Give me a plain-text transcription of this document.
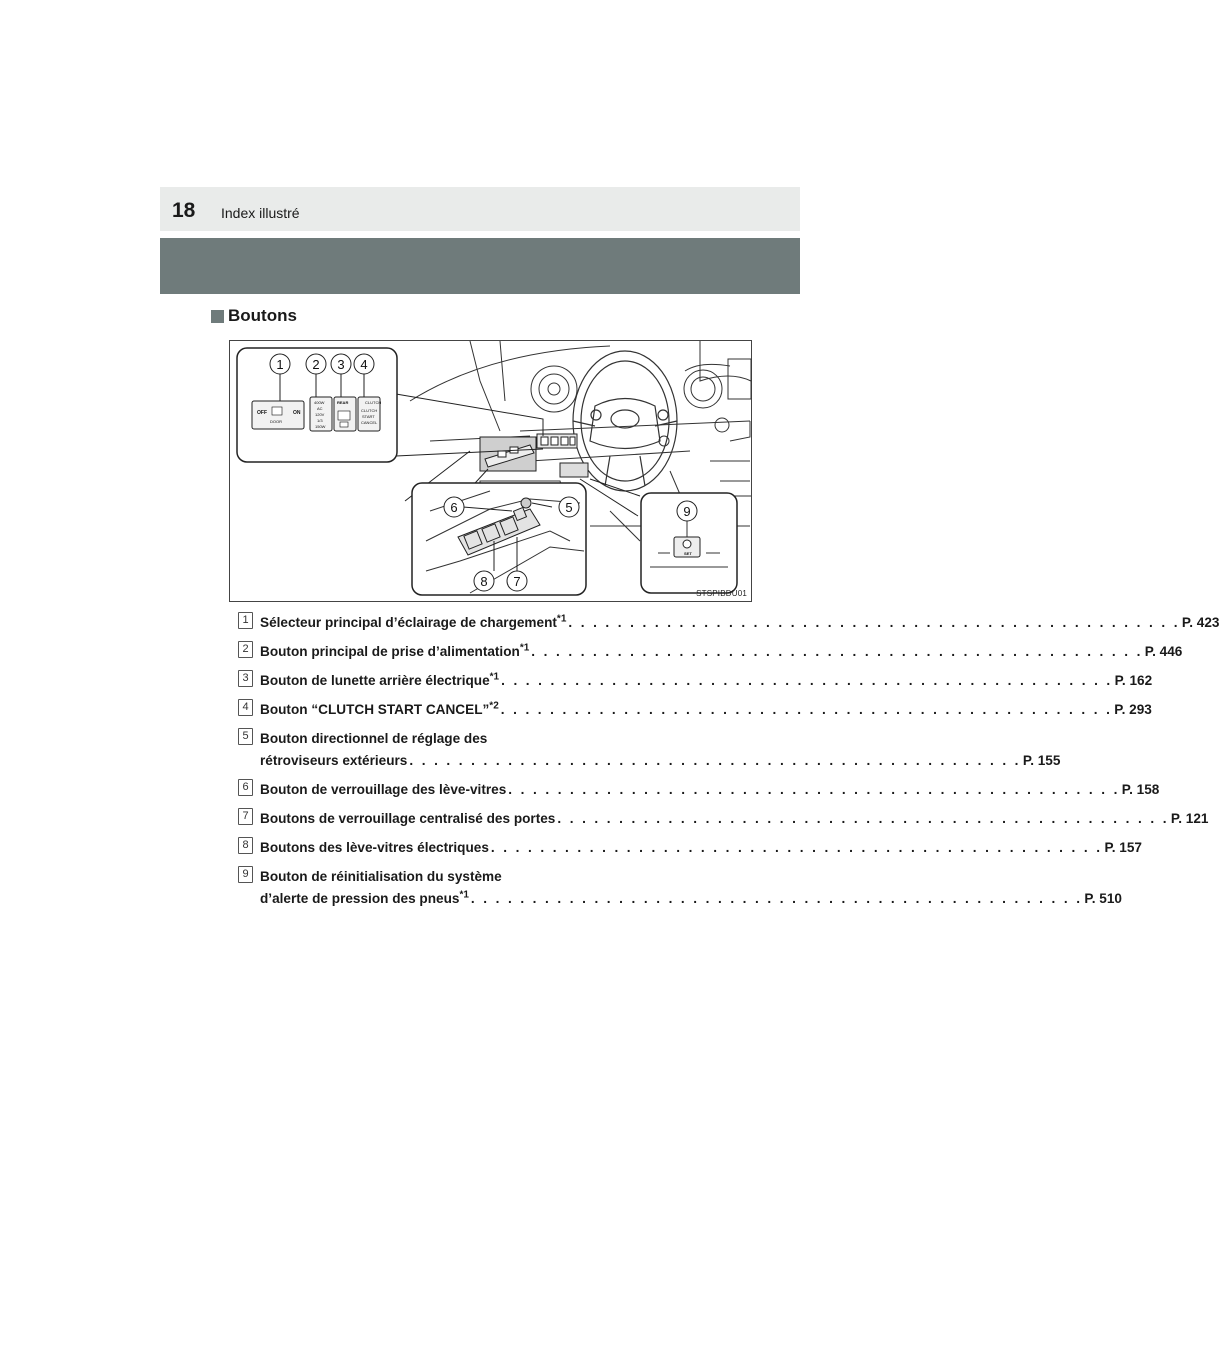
18 Index illustré
Boutons
OFF	ON
DOOR
400W
AC
120V
1/3
150W
REAR	CLUTCH
CLUTCH
START
CANCEL
SET
1 2 3 4
5
6
7
8
9
STSPIBDU01
1 Sélecteur principal d’éclairage de chargement$^{*1}$ . . . . . . . . . . . . . . . . . . . . . . . . . . . . . . . . . . . . . . . . . . . . . . . . . . P. 423
2 Bouton principal de prise d’alimentation$^{*1}$ . . . . . . . . . . . . . . . . . . . . . . . . . . . . . . . . . . . . . . . . . . . . . . . . . . P. 446
3 Bouton de lunette arrière électrique$^{*1}$ . . . . . . . . . . . . . . . . . . . . . . . . . . . . . . . . . . . . . . . . . . . . . . . . . . P. 162
4 Bouton “CLUTCH START CANCEL”$^{*2}$ . . . . . . . . . . . . . . . . . . . . . . . . . . . . . . . . . . . . . . . . . . . . . . . . . . P. 293
5 Bouton directionnel de réglage des
rétroviseurs extérieurs . . . . . . . . . . . . . . . . . . . . . . . . . . . . . . . . . . . . . . . . . . . . . . . . . . P. 155
6 Bouton de verrouillage des lève-vitres . . . . . . . . . . . . . . . . . . . . . . . . . . . . . . . . . . . . . . . . . . . . . . . . . . P. 158
7 Boutons de verrouillage centralisé des portes . . . . . . . . . . . . . . . . . . . . . . . . . . . . . . . . . . . . . . . . . . . . . . . . . . P. 121
8 Boutons des lève-vitres électriques . . . . . . . . . . . . . . . . . . . . . . . . . . . . . . . . . . . . . . . . . . . . . . . . . . P. 157
9 Bouton de réinitialisation du système
d’alerte de pression des pneus$^{*1}$ . . . . . . . . . . . . . . . . . . . . . . . . . . . . . . . . . . . . . . . . . . . . . . . . . . P. 510
